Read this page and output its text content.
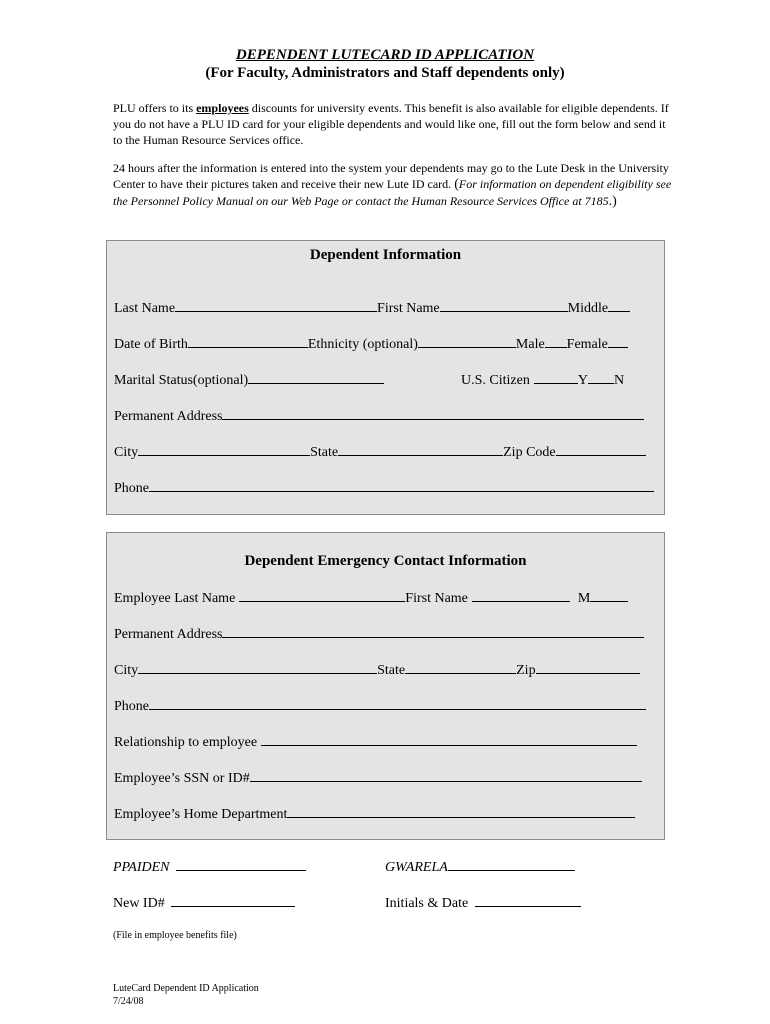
DEPENDENT LUTECARD ID APPLICATION
(For Faculty, Administrators and Staff dependents only)
PLU offers to its employees discounts for university events. This benefit is also available for eligible dependents. If you do not have a PLU ID card for your eligible dependents and would like one, fill out the form below and send it to the Human Resource Services office.
24 hours after the information is entered into the system your dependents may go to the Lute Desk in the University Center to have their pictures taken and receive their new Lute ID card. (For information on dependent eligibility see the Personnel Policy Manual on our Web Page or contact the Human Resource Services Office at 7185.)
Dependent Information
Last Name	First Name	Middle
Date of Birth	Ethnicity (optional)	Male Female
Marital Status(optional)	U.S. Citizen	Y N
Permanent Address
City	State	Zip Code
Phone
Dependent Emergency Contact Information
Employee Last Name	First Name	M
Permanent Address
City	State	Zip
Phone
Relationship to employee
Employee’s SSN or ID#
Employee’s Home Department
PPAIDEN	GWARELA
New ID#	Initials & Date
(File in employee benefits file)
LuteCard Dependent ID Application
7/24/08
